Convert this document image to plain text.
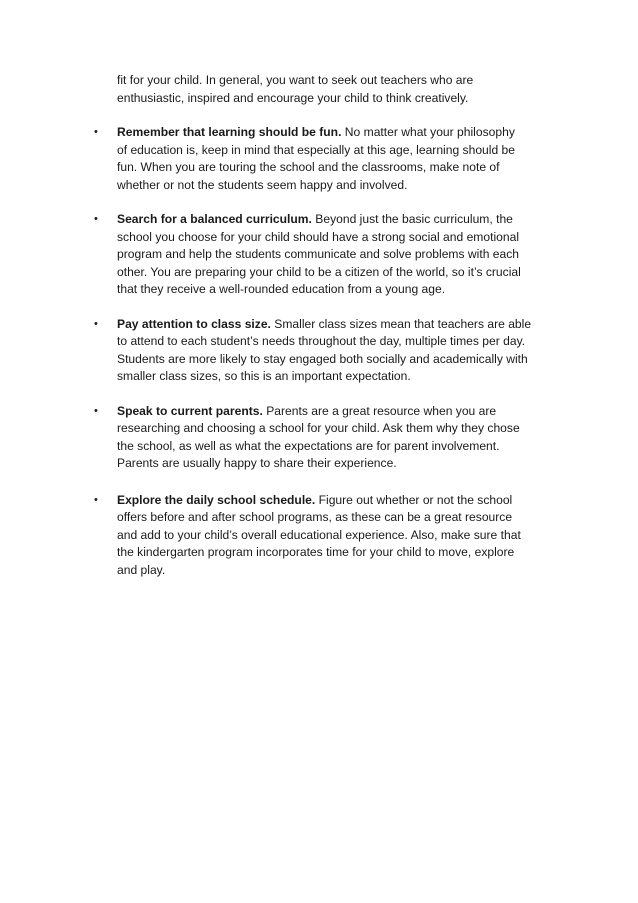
fit for your child. In general, you want to seek out teachers who are
enthusiastic, inspired and encourage your child to think creatively.

•	Remember that learning should be fun. No matter what your philosophy
of education is, keep in mind that especially at this age, learning should be
fun. When you are touring the school and the classrooms, make note of
whether or not the students seem happy and involved.
•	Search for a balanced curriculum. Beyond just the basic curriculum, the
school you choose for your child should have a strong social and emotional
program and help the students communicate and solve problems with each
other. You are preparing your child to be a citizen of the world, so it’s crucial
that they receive a well-rounded education from a young age.
•	Pay attention to class size. Smaller class sizes mean that teachers are able
to attend to each student’s needs throughout the day, multiple times per day.
Students are more likely to stay engaged both socially and academically with
smaller class sizes, so this is an important expectation.
•	Speak to current parents. Parents are a great resource when you are
researching and choosing a school for your child. Ask them why they chose
the school, as well as what the expectations are for parent involvement.
Parents are usually happy to share their experience.
•	Explore the daily school schedule. Figure out whether or not the school
offers before and after school programs, as these can be a great resource
and add to your child’s overall educational experience. Also, make sure that
the kindergarten program incorporates time for your child to move, explore
and play.
